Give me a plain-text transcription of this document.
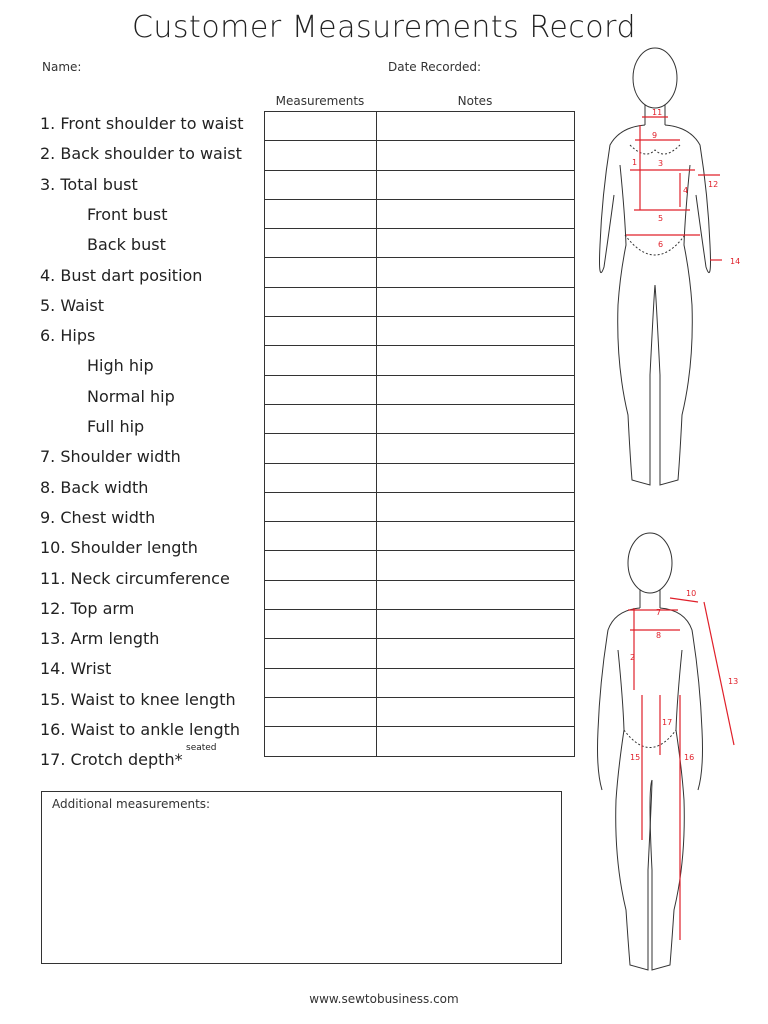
Customer Measurements Record
Name:	Date Recorded:
Measurements	Notes
1. Front shoulder to waist
2. Back shoulder to waist
3. Total bust
Front bust
Back bust
4. Bust dart position
5. Waist
6. Hips
High hip
Normal hip
Full hip
7. Shoulder width
8. Back width
9. Chest width
10. Shoulder length
11. Neck circumference
12. Top arm
13. Arm length
14. Wrist
15. Waist to knee length
16. Waist to ankle length
17. Crotch depth*
seated

Additional measurements:
www.sewtobusiness.com
11
9
3
1
4
12
5
6
14
10
7
8
2
13
17
15	16
